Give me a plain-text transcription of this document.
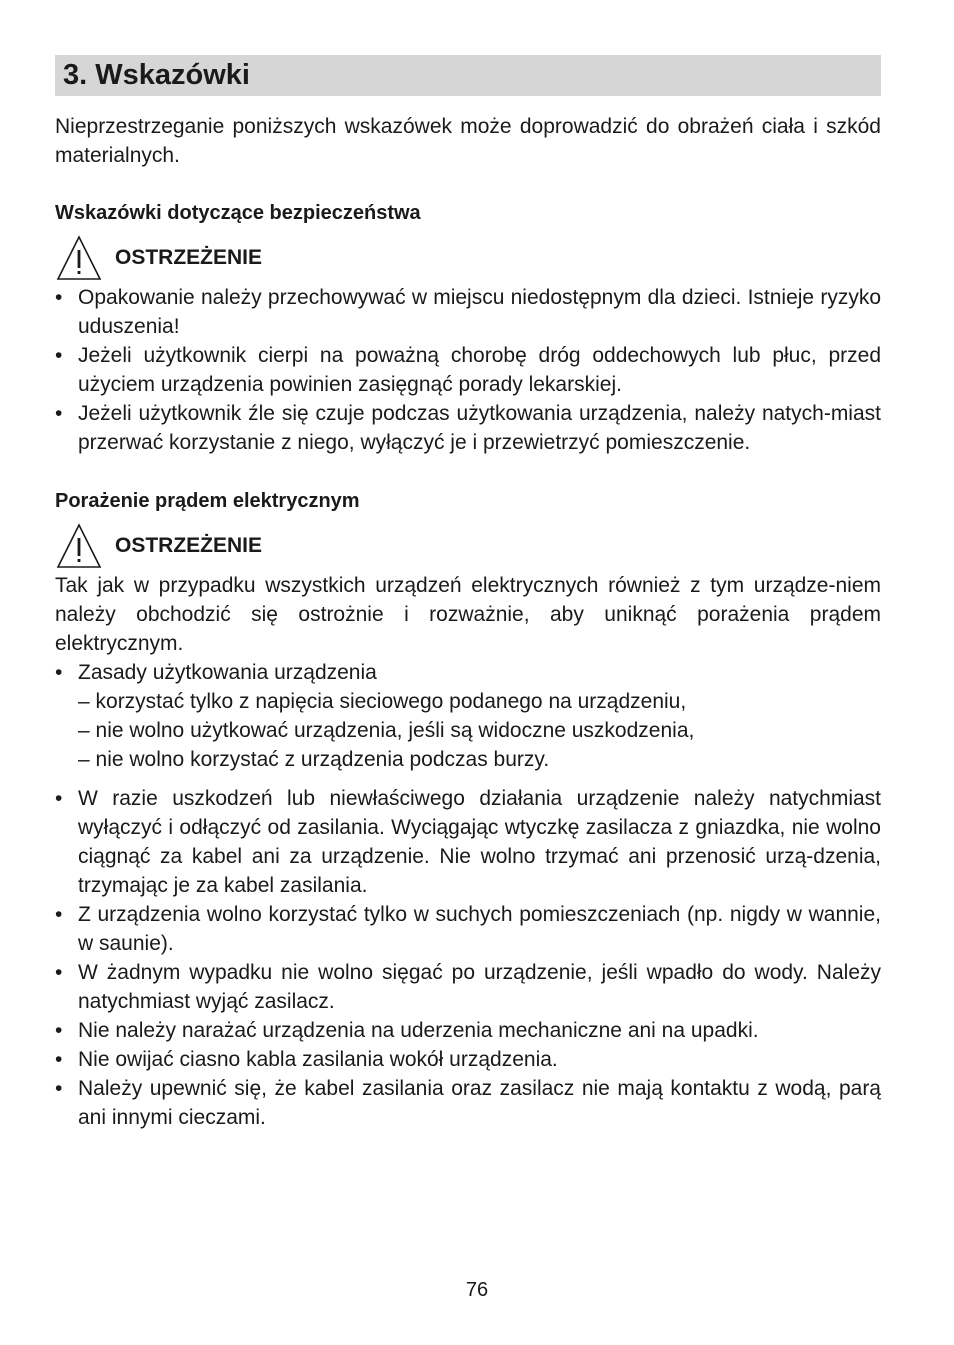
3. Wskazówki
Nieprzestrzeganie poniższych wskazówek może doprowadzić do obrażeń ciała i szkód materialnych.
Wskazówki dotyczące bezpieczeństwa
OSTRZEŻENIE
• Opakowanie należy przechowywać w miejscu niedostępnym dla dzieci. Istnieje ryzyko uduszenia!
• Jeżeli użytkownik cierpi na poważną chorobę dróg oddechowych lub płuc, przed użyciem urządzenia powinien zasięgnąć porady lekarskiej.
• Jeżeli użytkownik źle się czuje podczas użytkowania urządzenia, należy natych-miast przerwać korzystanie z niego, wyłączyć je i przewietrzyć pomieszczenie.
Porażenie prądem elektrycznym
OSTRZEŻENIE
Tak jak w przypadku wszystkich urządzeń elektrycznych również z tym urządze-niem należy obchodzić się ostrożnie i rozważnie, aby uniknąć porażenia prądem elektrycznym.
• Zasady użytkowania urządzenia
– korzystać tylko z napięcia sieciowego podanego na urządzeniu,
– nie wolno użytkować urządzenia, jeśli są widoczne uszkodzenia,
– nie wolno korzystać z urządzenia podczas burzy.
• W razie uszkodzeń lub niewłaściwego działania urządzenie należy natychmiast wyłączyć i odłączyć od zasilania. Wyciągając wtyczkę zasilacza z gniazdka, nie wolno ciągnąć za kabel ani za urządzenie. Nie wolno trzymać ani przenosić urzą-dzenia, trzymając je za kabel zasilania.
• Z urządzenia wolno korzystać tylko w suchych pomieszczeniach (np. nigdy w wannie, w saunie).
• W żadnym wypadku nie wolno sięgać po urządzenie, jeśli wpadło do wody. Należy natychmiast wyjąć zasilacz.
• Nie należy narażać urządzenia na uderzenia mechaniczne ani na upadki.
• Nie owijać ciasno kabla zasilania wokół urządzenia.
• Należy upewnić się, że kabel zasilania oraz zasilacz nie mają kontaktu z wodą, parą ani innymi cieczami.
76
